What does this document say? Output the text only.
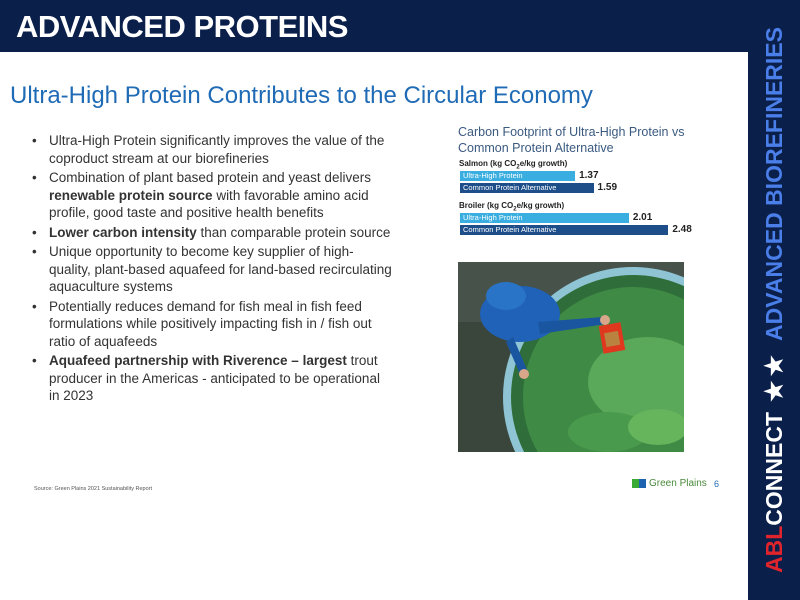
ADVANCED PROTEINS
ABL
CONNECT
★★
ADVANCED BIOREFINERIES
Ultra-High Protein Contributes to the Circular Economy
• Ultra-High Protein significantly improves the value of the coproduct stream at our biorefineries
• Combination of plant based protein and yeast delivers renewable protein source with favorable amino acid profile, good taste and positive health benefits
• Lower carbon intensity than comparable protein source
• Unique opportunity to become key supplier of high-quality, plant-based aquafeed for land-based recirculating aquaculture systems
• Potentially reduces demand for fish meal in fish feed formulations while positively impacting fish in / fish out ratio of aquafeeds
• Aquafeed partnership with Riverence – largest trout producer in the Americas - anticipated to be operational in 2023
Source: Green Plains 2021 Sustainability Report
Carbon Footprint of Ultra-High Protein vs Common Protein Alternative
Salmon (kg $CO_2e/kg$ growth)
Ultra-High Protein	1.37
Common Protein Alternative	1.59
Broiler (kg $CO_2e/kg$ growth)
Ultra-High Protein	2.01
Common Protein Alternative	2.48
Green Plains 6
